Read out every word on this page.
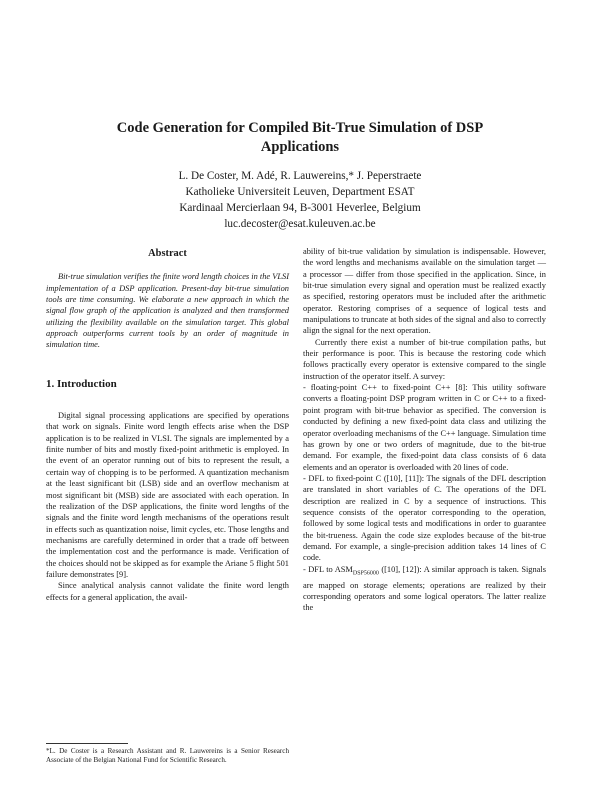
Code Generation for Compiled Bit-True Simulation of DSP
Applications
L. De Coster, M. Adé, R. Lauwereins,* J. Peperstraete
Katholieke Universiteit Leuven, Department ESAT
Kardinaal Mercierlaan 94, B-3001 Heverlee, Belgium
luc.decoster@esat.kuleuven.ac.be
Abstract

Bit-true simulation verifies the finite word length choices in the VLSI implementation of a DSP application. Present-day bit-true simulation tools are time consuming. We elaborate a new approach in which the signal flow graph of the application is analyzed and then transformed utilizing the flexibility available on the simulation target. This global approach outperforms current tools by an order of magnitude in simulation time.

1. Introduction

Digital signal processing applications are specified by operations that work on signals. Finite word length effects arise when the DSP application is to be realized in VLSI. The signals are implemented by a finite number of bits and mostly fixed-point arithmetic is employed. In the event of an operator running out of bits to represent the result, a certain way of chopping is to be performed. A quantization mechanism at the least significant bit (LSB) side and an overflow mechanism at most significant bit (MSB) side are associated with each operation. In the realization of the DSP applications, the finite word lengths of the signals and the finite word length mechanisms of the operations result in effects such as quantization noise, limit cycles, etc. Those lengths and mechanisms are carefully determined in order that a trade off between the implementation cost and the performance is made. Verification of the choices should not be skipped as for example the Ariane 5 flight 501 failure demonstrates [9].

Since analytical analysis cannot validate the finite word length effects for a general application, the avail-

ability of bit-true validation by simulation is indispensable. However, the word lengths and mechanisms available on the simulation target — a processor — differ from those specified in the application. Since, in bit-true simulation every signal and operation must be realized exactly as specified, restoring operators must be included after the arithmetic operator. Restoring comprises of a sequence of logical tests and manipulations to truncate at both sides of the signal and also to correctly align the signal for the next operation.

Currently there exist a number of bit-true compilation paths, but their performance is poor. This is because the restoring code which follows practically every operator is extensive compared to the single instruction of the operator itself. A survey:

- floating-point C++ to fixed-point C++ [8]: This utility software converts a floating-point DSP program written in C or C++ to a fixed-point program with bit-true behavior as specified. The conversion is conducted by defining a new fixed-point data class and utilizing the operator overloading mechanisms of the C++ language. Simulation time has grown by one or two orders of magnitude, due to the bit-true demand. For example, the fixed-point data class consists of 6 data elements and an operator is overloaded with 20 lines of code.

- DFL to fixed-point C ([10], [11]): The signals of the DFL description are translated in short variables of C. The operations of the DFL description are realized in C by a sequence of instructions. This sequence consists of the operator corresponding to the operation, followed by some logical tests and modifications in order to guarantee the bit-trueness. Again the code size explodes because of the bit-true demand. For example, a single-precision addition takes 14 lines of C code.

- DFL to $ASM_{DSP56000}$ ([10], [12]): A similar approach is taken. Signals are mapped on storage elements; operations are realized by their corresponding operators and some logical operators. The latter realize the

*L. De Coster is a Research Assistant and R. Lauwereins is a Senior Research Associate of the Belgian National Fund for Scientific Research.
